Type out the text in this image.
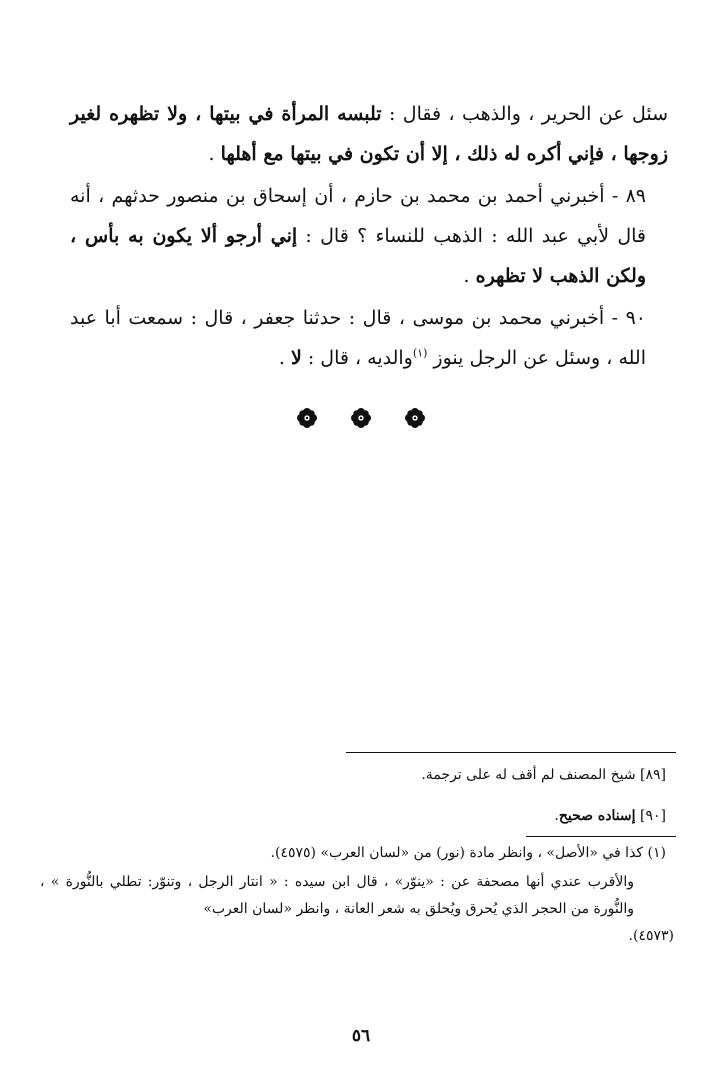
سئل عن الحرير ، والذهب ، فقال : تلبسه المرأة في بيتها ، ولا تظهره لغير زوجها ، فإني أكره له ذلك ، إلا أن تكون في بيتها مع أهلها .

٨٩ - أخبرني أحمد بن محمد بن حازم ، أن إسحاق بن منصور حدثهم ، أنه قال لأبي عبد الله : الذهب للنساء ؟ قال : إني أرجو ألا يكون به بأس ، ولكن الذهب لا تظهره .

٩٠ - أخبرني محمد بن موسى ، قال : حدثنا جعفر ، قال : سمعت أبا عبد الله ، وسئل عن الرجل ينوز $^{(١)}$والديه ، قال : لا .

[٨٩] شيخ المصنف لم أقف له على ترجمة.

[٩٠] إسناده صحيح.

(١) كذا في «الأصل» ، وانظر مادة (نور) من «لسان العرب» (٤٥٧٥).

والأقرب عندي أنها مصحفة عن : «ينوّر» ، قال ابن سيده : « انتار الرجل ، وتنوّر: تطلي بالنُّورة » ، والنُّورة من الحجر الذي يُحرق ويُحلق به شعر العانة ، وانظر «لسان العرب»

(٤٥٧٣).

٥٦
